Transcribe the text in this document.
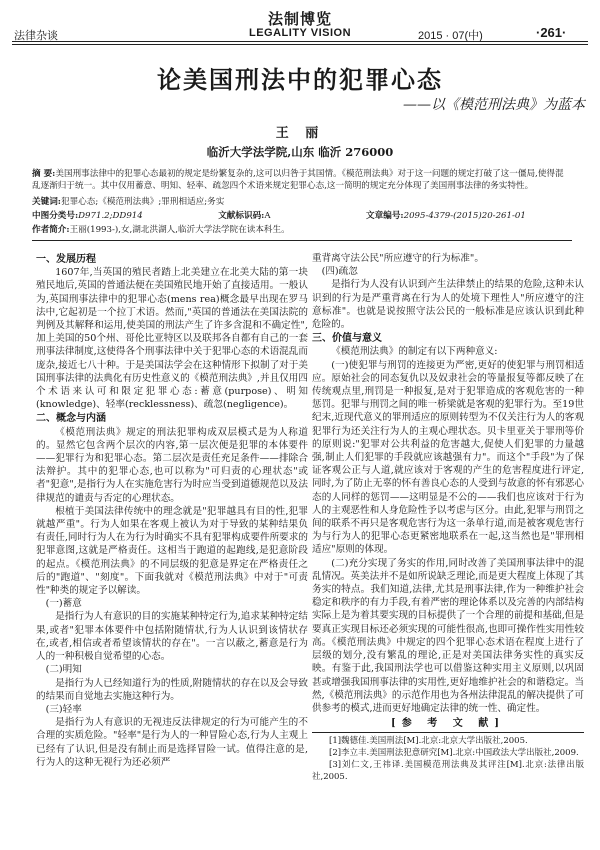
法制博览
LEGALITY VISION
法律杂谈	2015 · 07(中)	·261·
论美国刑法中的犯罪心态
——以《模范刑法典》为蓝本
王 丽
临沂大学法学院,山东 临沂 276000
摘 要:美国刑事法律中的犯罪心态最初的规定是纷繁复杂的,这可以归咎于其国情。《模范刑法典》对于这一问题的规定打破了这一僵局,使得混乱逐渐归于统一。其中仅用蓄意、明知、轻率、疏忽四个术语来规定犯罪心态,这一简明的规定充分体现了美国刑事法律的务实特性。
关键词:犯罪心态;《模范刑法典》;罪刑相适应;务实
中图分类号:D971.2;DD914	文献标识码:A	文章编号:2095-4379-(2015)20-261-01
作者简介:王丽(1993-),女,湖北洪湖人,临沂大学法学院在读本科生。

一、发展历程

1607年,当英国的殖民者踏上北美建立在北美大陆的第一块殖民地后,英国的普通法便在美国殖民地开始了直接适用。一般认为,英国刑事法律中的犯罪心态(mens rea)概念最早出现在罗马法中,它起初是一个拉丁术语。然而,"英国的普通法在美国法院的判例及其解释和运用,使美国的刑法产生了许多含混和不确定性",加上美国的50个州、哥伦比亚特区以及联邦各自都有自己的一套刑事法律制度,这使得各个刑事法律中关于犯罪心态的术语混乱而庞杂,接近七八十种。于是美国法学会在这种情形下拟制了对于美国刑事法律的法典化有历史性意义的《模范刑法典》,并且仅用四个术语来认可和限定犯罪心态:蓄意(purpose)、明知(knowledge)、轻率(recklessness)、疏忽(negligence)。

二、概念与内涵

《模范刑法典》规定的刑法犯罪构成双层模式是为人称道的。显然它包含两个层次的内容,第一层次便是犯罪的本体要件——犯罪行为和犯罪心态。第二层次是责任充足条件——排除合法辩护。其中的犯罪心态,也可以称为"可归责的心理状态"或者"犯意",是指行为人在实施危害行为时应当受到道德规范以及法律规范的谴责与否定的心理状态。

根植于美国法律传统中的理念就是"犯罪越具有目的性,犯罪就越严重"。行为人如果在客观上被认为对于导致的某种结果负有责任,同时行为人在为行为时确实不具有犯罪构成要件所要求的犯罪意图,这就是严格责任。这相当于跑道的起跑线,是犯意阶段的起点。《模范刑法典》的不同层级的犯意是界定在严格责任之后的"跑道"、"刻度"。下面我就对《模范刑法典》中对于"可责性"种类的规定予以解读。

(一)蓄意

是指行为人有意识的目的实施某种特定行为,追求某种特定结果,或者"犯罪本体要件中包括附随情状,行为人认识到该情状存在,或者,相信或者希望该情状的存在"。一言以蔽之,蓄意是行为人的一种积极自觉希望的心态。

(二)明知

是指行为人已经知道行为的性质,附随情状的存在以及会导致的结果而自觉地去实施这种行为。

(三)轻率

是指行为人有意识的无视违反法律规定的行为可能产生的不合理的实质危险。"轻率"是行为人的一种冒险心态,行为人主观上已经有了认识,但是没有制止而是选择冒险一试。值得注意的是,行为人的这种无视行为还必须严

重背离守法公民"所应遵守的行为标准"。

(四)疏忽

是指行为人没有认识到产生法律禁止的结果的危险,这种未认识到的行为是严重背离在行为人的处境下理性人"所应遵守的注意标准"。也就是说按照守法公民的一般标准是应该认识到此种危险的。

三、价值与意义

《模范刑法典》的制定有以下两种意义:

(一)使犯罪与刑罚的连接更为严密,更好的使犯罪与刑罚相适应。原始社会的同态复仇以及奴隶社会的等量报复等都反映了在传统观点里,刑罚是一种报复,是对于犯罪造成的客观危害的一种惩罚。犯罪与刑罚之间的唯一桥梁就是客观的犯罪行为。至19世纪末,近现代意义的罪刑适应的原则转型为不仅关注行为人的客观犯罪行为还关注行为人的主观心理状态。贝卡里亚关于罪刑等价的原则说:"犯罪对公共利益的危害越大,促使人们犯罪的力量越强,制止人们犯罪的手段就应该越强有力"。而这个"手段"为了保证客观公正与人道,就应该对于客观的产生的危害程度进行评定,同时,为了防止无辜的怀有善良心态的人受到与故意的怀有邪恶心态的人同样的惩罚——这明显是不公的——我们也应该对于行为人的主观恶性和人身危险性予以考虑与区分。由此,犯罪与刑罚之间的联系不再只是客观危害行为这一条单行道,而是被客观危害行为与行为人的犯罪心态更紧密地联系在一起,这当然也是"罪刑相适应"原则的体现。

(二)充分实现了务实的作用,同时改善了美国刑事法律中的混乱情况。英美法并不是如所说缺乏理论,而是更大程度上体现了其务实的特点。我们知道,法律,尤其是刑事法律,作为一种维护社会稳定和秩序的有力手段,有着严密的理论体系以及完善的内部结构实际上是为着其要实现的目标提供了一个合理的前提和基础,但是要真正实现目标还必须实现的可能性很高,也即可操作性实用性较高。《模范刑法典》中规定的四个犯罪心态术语在程度上进行了层级的划分,没有繁乱的理论,正是对美国法律务实性的真实反映。有鉴于此,我国刑法学也可以借鉴这种实用主义原则,以巩固甚或增强我国刑事法律的实用性,更好地维护社会的和谐稳定。当然,《模范刑法典》的示范作用也为各州法律混乱的解决提供了可供参考的模式,进而更好地确定法律的统一性、确定性。

[参 考 文 献]

[1]魏德佳.美国刑法[M].北京:北京大学出版社,2005.

[2]李立丰.美国刑法犯意研究[M].北京:中国政法大学出版社,2009.

[3]刘仁文,王祎译.美国模范刑法典及其评注[M].北京:法律出版社,2005.
